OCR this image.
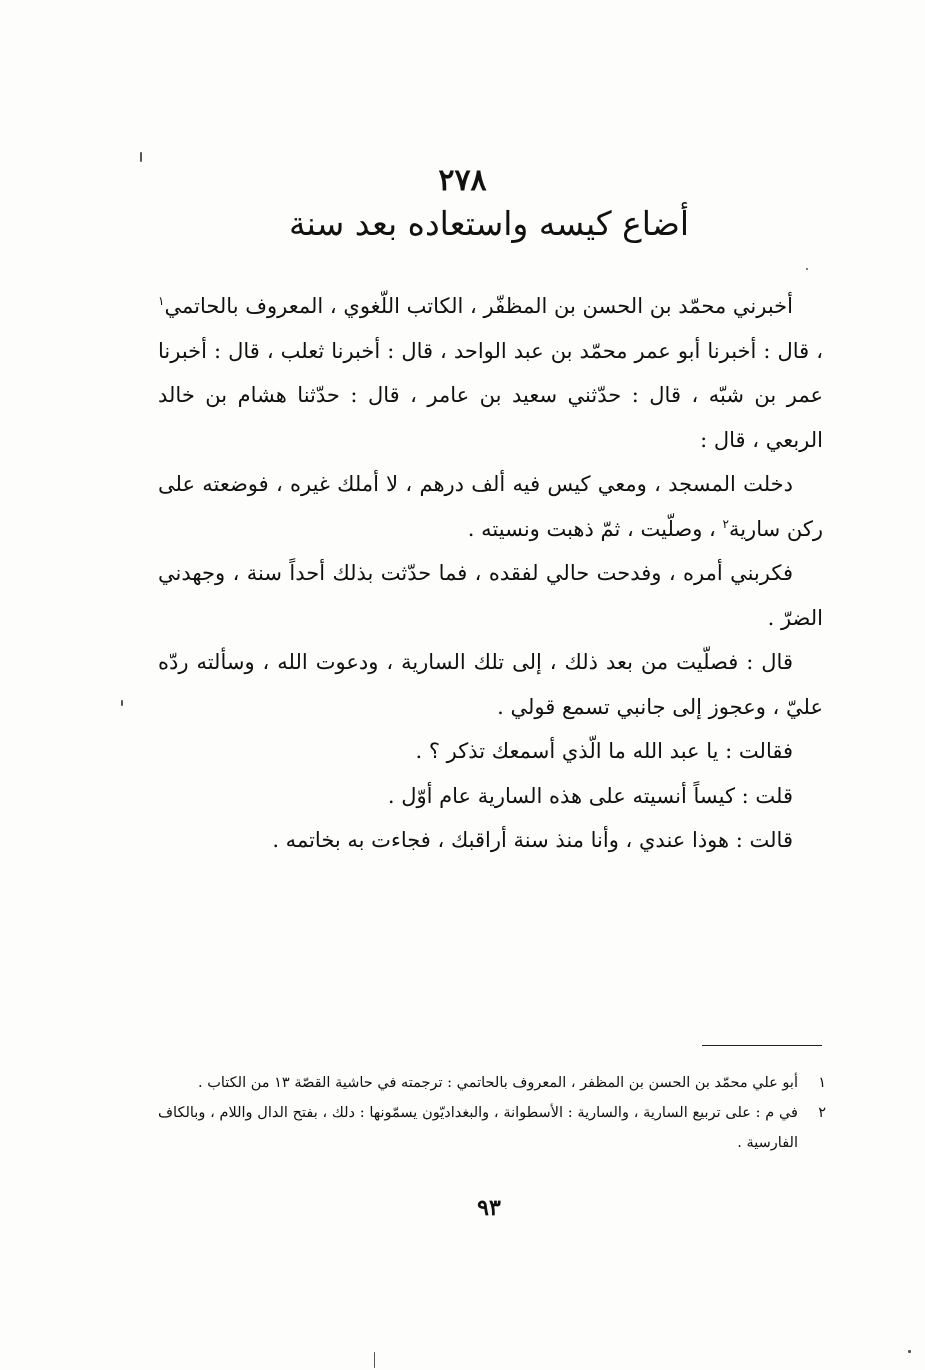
٢٧٨
أضاع كيسه واستعاده بعد سنة

أخبرني محمّد بن الحسن بن المظفّر ، الكاتب اللّغوي ، المعروف بالحاتمي$^١$ ، قال : أخبرنا أبو عمر محمّد بن عبد الواحد ، قال : أخبرنا ثعلب ، قال : أخبرنا عمر بن شبّه ، قال : حدّثني سعيد بن عامر ، قال : حدّثنا هشام بن خالد الربعي ، قال :

دخلت المسجد ، ومعي كيس فيه ألف درهم ، لا أملك غيره ، فوضعته على ركن سارية$^٢$ ، وصلّيت ، ثمّ ذهبت ونسيته .

فكربني أمره ، وفدحت حالي لفقده ، فما حدّثت بذلك أحداً سنة ، وجهدني الضرّ .

قال : فصلّيت من بعد ذلك ، إلى تلك السارية ، ودعوت الله ، وسألته ردّه عليّ ، وعجوز إلى جانبي تسمع قولي .

فقالت : يا عبد الله ما الّذي أسمعك تذكر ؟ .

قلت : كيساً أنسيته على هذه السارية عام أوّل .

قالت : هوذا عندي ، وأنا منذ سنة أراقبك ، فجاءت به بخاتمه .

١
أبو علي محمّد بن الحسن بن المظفر ، المعروف بالحاتمي : ترجمته في حاشية القصّة ١٣ من الكتاب .

٢
في م : على تربيع السارية ، والسارية : الأسطوانة ، والبغداديّون يسمّونها : دلك ، بفتح الدال واللام ، وبالكاف الفارسية .

٩٣
